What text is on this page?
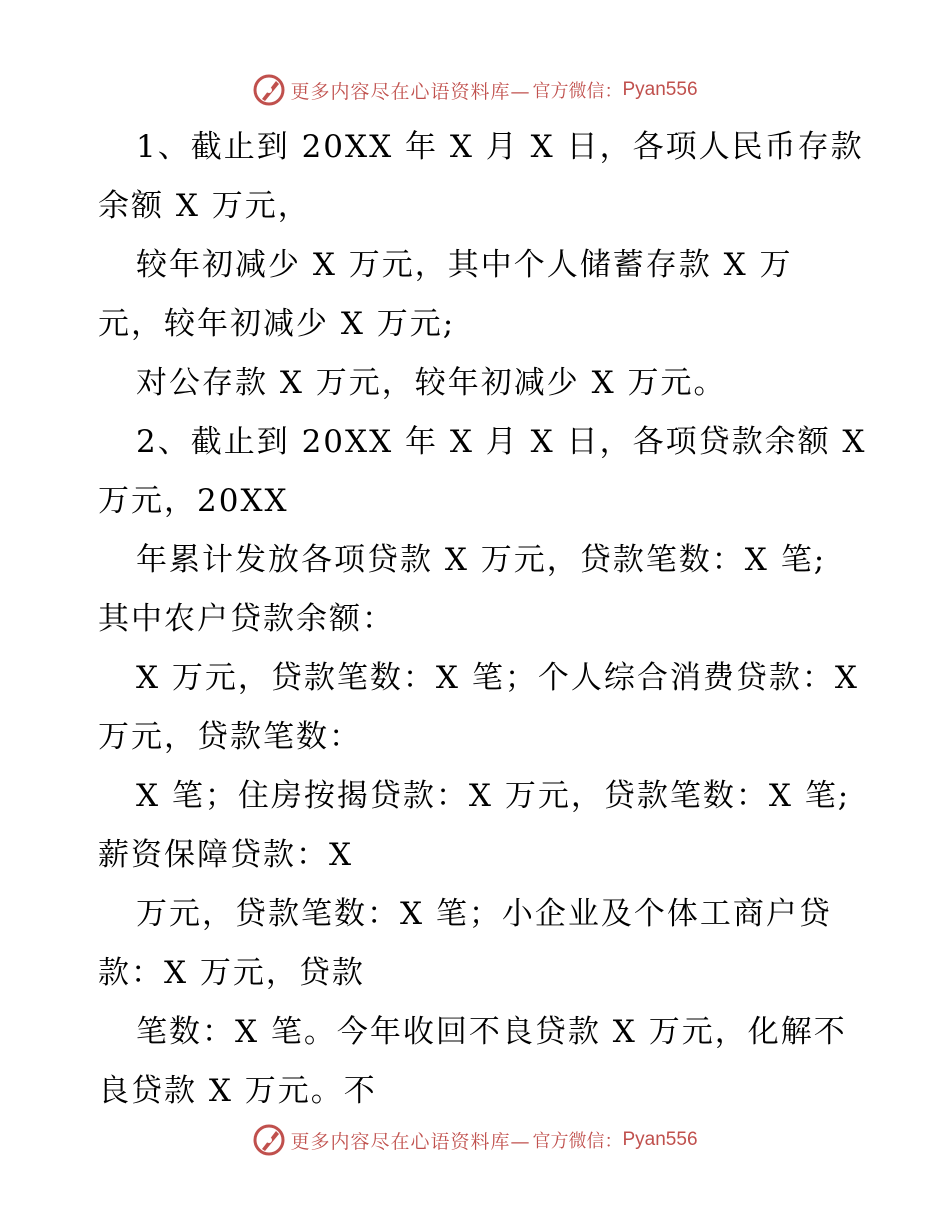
更多内容尽在心语资料库— 官方微信： Pyan556
1、截止到 20XX 年 X 月 X 日，各项人民币存款
余额 X 万元，
较年初减少 X 万元，其中个人储蓄存款 X 万
元，较年初减少 X 万元;
对公存款 X 万元，较年初减少 X 万元。
2、截止到 20XX 年 X 月 X 日，各项贷款余额 X
万元，20XX
年累计发放各项贷款 X 万元，贷款笔数：X 笔;
其中农户贷款余额：
X 万元，贷款笔数：X 笔；个人综合消费贷款：X
万元，贷款笔数：
X 笔；住房按揭贷款：X 万元，贷款笔数：X 笔;
薪资保障贷款：X
万元，贷款笔数：X 笔；小企业及个体工商户贷
款：X 万元，贷款
笔数：X 笔。今年收回不良贷款 X 万元，化解不
良贷款 X 万元。不
更多内容尽在心语资料库— 官方微信： Pyan556
